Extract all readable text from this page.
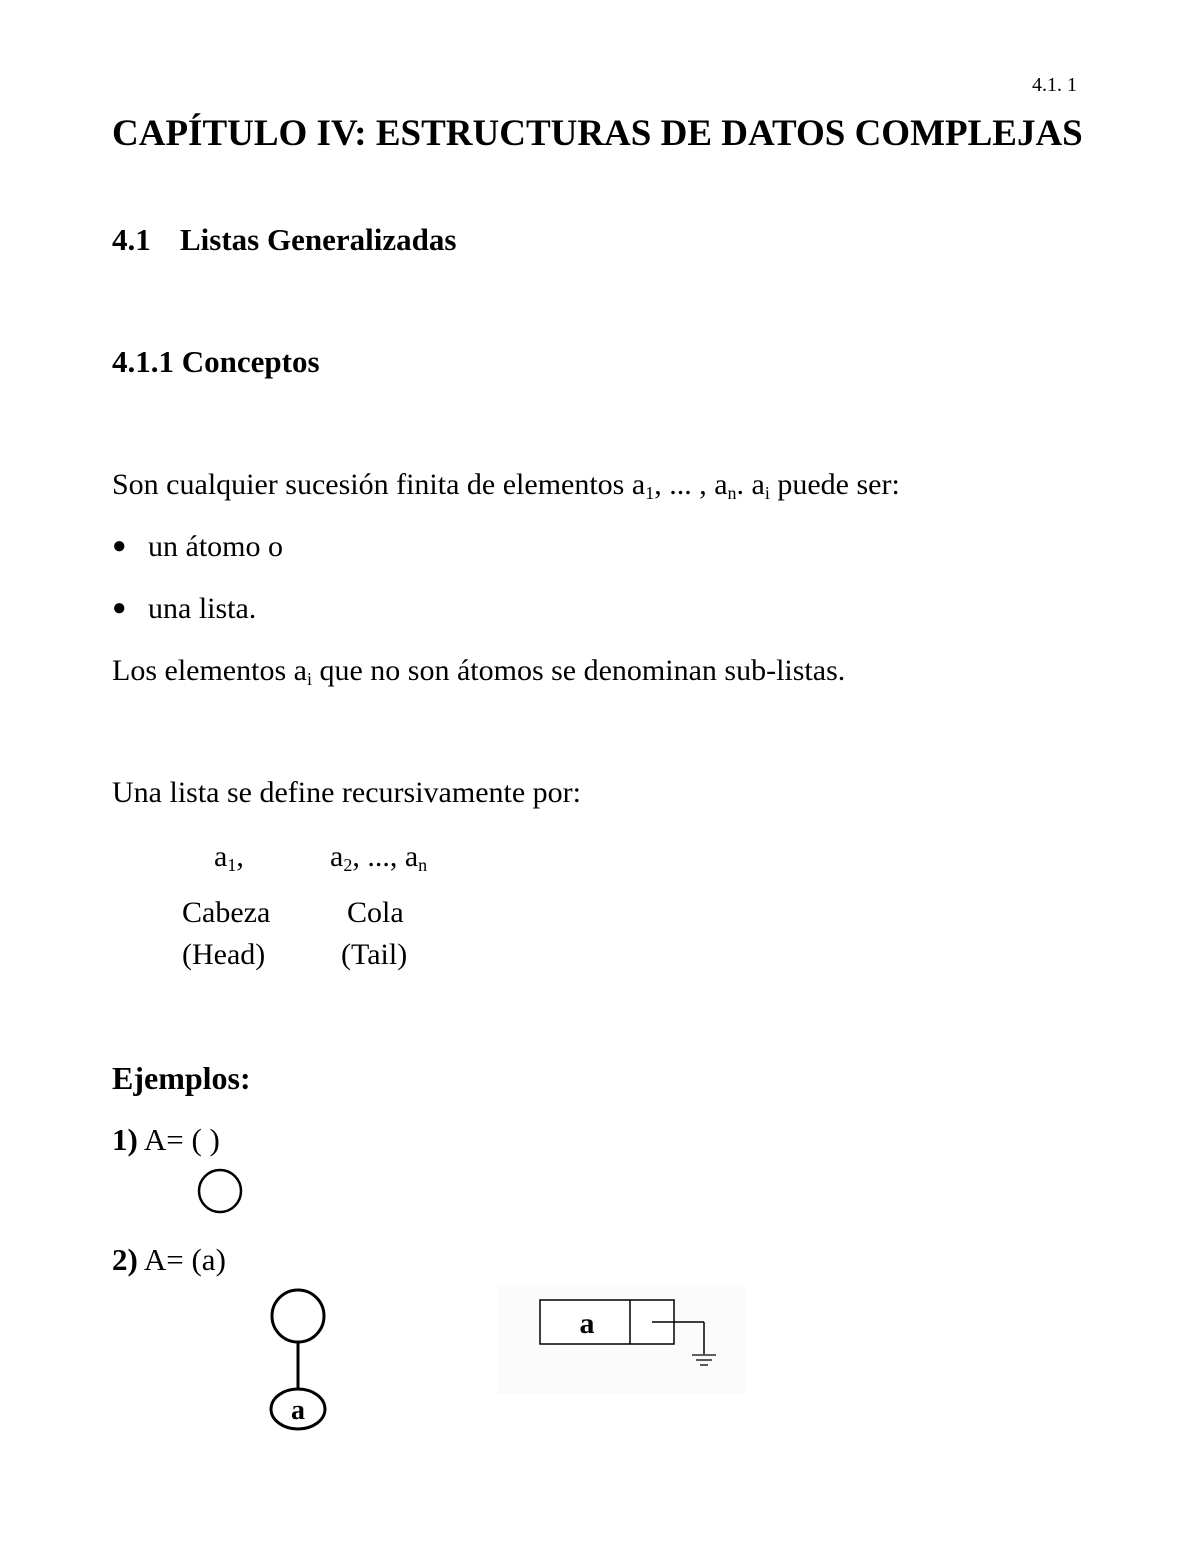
4.1. 1
CAPÍTULO IV: ESTRUCTURAS DE DATOS COMPLEJAS
4.1 Listas Generalizadas
4.1.1 Conceptos
Son cualquier sucesión finita de elementos a1, ... , an. ai puede ser:
● un átomo o
● una lista.
Los elementos ai que no son átomos se denominan sub-listas.
Una lista se define recursivamente por:
a1,	a2, ..., an
Cabeza	Cola
(Head)	(Tail)
Ejemplos:
1) A= ( )
2) A= (a)
a
a
